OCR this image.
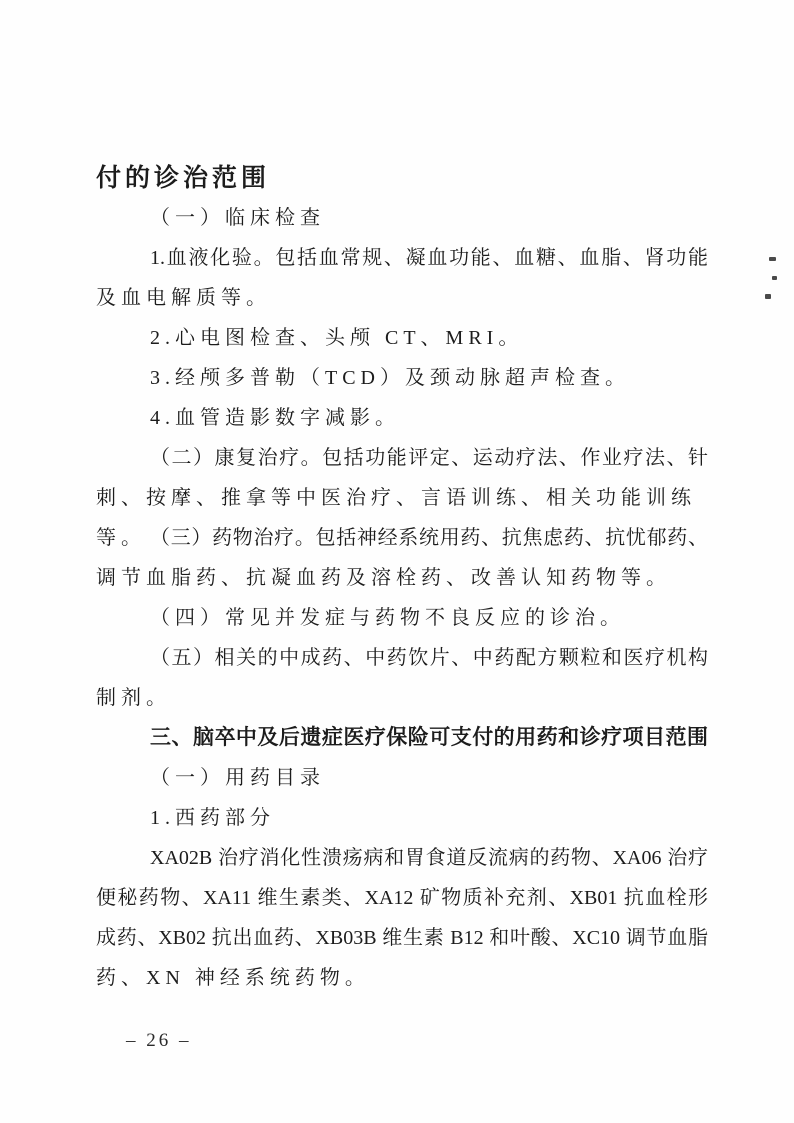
付的诊治范围
（一）临床检查
1.血液化验。包括血常规、凝血功能、血糖、血脂、肾功能
及血电解质等。
2.心电图检查、头颅 CT、MRI。
3.经颅多普勒（TCD）及颈动脉超声检查。
4.血管造影数字减影。
（二）康复治疗。包括功能评定、运动疗法、作业疗法、针
刺、按摩、推拿等中医治疗、言语训练、相关功能训练等。 （三）药物治疗。包括神经系统用药、抗焦虑药、抗忧郁药、
调节血脂药、抗凝血药及溶栓药、改善认知药物等。
（四）常见并发症与药物不良反应的诊治。
（五）相关的中成药、中药饮片、中药配方颗粒和医疗机构
制剂。
三、脑卒中及后遗症医疗保险可支付的用药和诊疗项目范围
（一）用药目录
1.西药部分
XA02B 治疗消化性溃疡病和胃食道反流病的药物、XA06 治疗
便秘药物、XA11 维生素类、XA12 矿物质补充剂、XB01 抗血栓形
成药、XB02 抗出血药、XB03B 维生素 B12 和叶酸、XC10 调节血脂
药、XN 神经系统药物。
– 26 –
